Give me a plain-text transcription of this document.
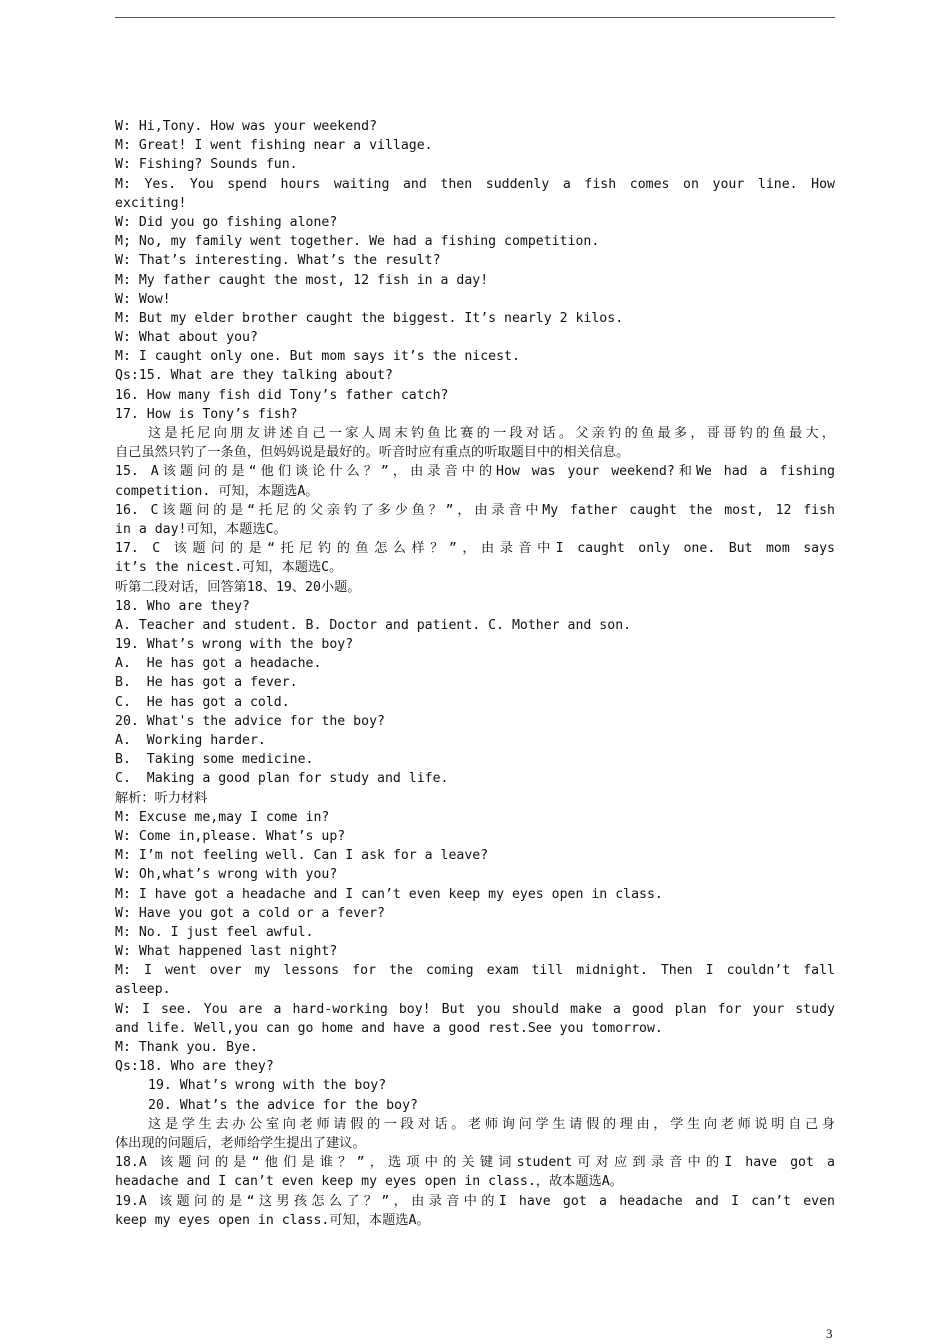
W: Hi,Tony. How was your weekend?
M: Great! I went fishing near a village.
W: Fishing? Sounds fun.
M: Yes. You spend hours waiting and then suddenly a fish comes on your line. How
exciting!
W: Did you go fishing alone?
M; No, my family went together. We had a fishing competition.
W: That’s interesting. What’s the result?
M: My father caught the most, 12 fish in a day!
W: Wow!
M: But my elder brother caught the biggest. It’s nearly 2 kilos.
W: What about you?
M: I caught only one. But mom says it’s the nicest.
Qs:15. What are they talking about?
16. How many fish did Tony’s father catch?
17. How is Tony’s fish?
这是托尼向朋友讲述自己一家人周末钓鱼比赛的一段对话。父亲钓的鱼最多，哥哥钓的鱼最大，
自己虽然只钓了一条鱼，但妈妈说是最好的。听音时应有重点的听取题目中的相关信息。
15. A该题问的是“他们谈论什么？”，由录音中的How was your weekend?和We had a fishing
competition. 可知，本题选A。
16. C该题问的是“托尼的父亲钓了多少鱼？”，由录音中My father caught the most, 12 fish
in a day!可知，本题选C。
17. C 该题问的是“托尼钓的鱼怎么样？”，由录音中I caught only one. But mom says
it’s the nicest.可知，本题选C。
听第二段对话，回答第18、19、20小题。
18. Who are they?
A. Teacher and student. B. Doctor and patient. C. Mother and son.
19. What’s wrong with the boy?
A.  He has got a headache.
B.  He has got a fever.
C.  He has got a cold.
20. What's the advice for the boy?
A.  Working harder.
B.  Taking some medicine.
C.  Making a good plan for study and life.
解析：听力材料
M: Excuse me,may I come in?
W: Come in,please. What’s up?
M: I’m not feeling well. Can I ask for a leave?
W: Oh,what’s wrong with you?
M: I have got a headache and I can’t even keep my eyes open in class.
W: Have you got a cold or a fever?
M: No. I just feel awful.
W: What happened last night?
M: I went over my lessons for the coming exam till midnight. Then I couldn’t fall
asleep.
W: I see. You are a hard-working boy! But you should make a good plan for your study
and life. Well,you can go home and have a good rest.See you tomorrow.
M: Thank you. Bye.
Qs:18. Who are they?
19. What’s wrong with the boy?
20. What’s the advice for the boy?
这是学生去办公室向老师请假的一段对话。老师询问学生请假的理由，学生向老师说明自己身
体出现的问题后，老师给学生提出了建议。
18.A 该题问的是“他们是谁？”，选项中的关键词student可对应到录音中的I have got a
headache and I can’t even keep my eyes open in class.，故本题选A。
19.A 该题问的是“这男孩怎么了？”，由录音中的I have got a headache and I can’t even
keep my eyes open in class.可知，本题选A。
3
